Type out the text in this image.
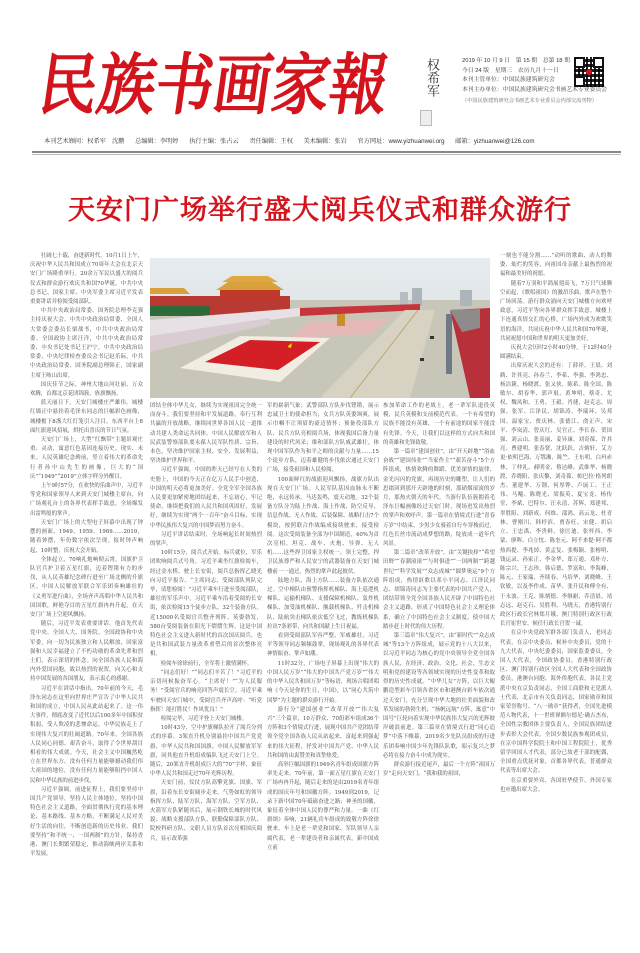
民
族
书
画
家
報	权希军	2019 年 10 月 9 日　第 15 期　总第 18 期
今日 24 版　星期三　农历九月十一日
本刊主管单位：中国民族建筑研究会
本刊主办单位：中国民族建筑研究会书画艺术专业委员会
（中国民族建筑研究会书画艺术专业委员会内部交流刊物）
本刊艺术顾问：权希军　沈鹏 总编辑：李明婷 执行主编：张占云 责任编辑：王权 美术编辑：张岩 官方网址：www.yizhuanwei.org 邮箱：yizhuanwei@126.com
天安门广场举行盛大阅兵仪式和群众游行

壮阔七十载，奋进新时代。10月1日上午，庆祝中华人民共和国成立70周年大会在北京天安门广场隆重举行。20余万军民以盛大的阅兵仪式和群众游行欢庆共和国70华诞。中共中央总书记、国家主席、中央军委主席习近平发表重要讲话并检阅受阅部队。

中共中央政治局常委、国务院总理李克强主持庆祝大会。中共中央政治局常委、全国人大常委会委员长栗战书，中共中央政治局常委、全国政协主席汪洋，中共中央政治局常委、中央书记处书记王沪宁，中共中央政治局常委、中央纪律检查委员会书记赵乐际，中共中央政治局常委、国务院副总理韩正，国家副主席王岐山出席。

国庆佳节之际，神州大地山河壮丽、万众欢腾，首都北京花团锦簇、旌旗飘扬。

蓝天丽日下，天安门城楼庄严雄伟。城楼红墙正中悬挂着毛泽东同志的巨幅彩色画像，城楼檐下8盏大红灯笼引人注目，东西平台上8面红旗迎风招展，烘托出喜庆的节日气氛。

天安门广场上，大型“红飘带”主题景观庄重、灵动，寓意红色基因连接历史、现实、未来。人民英雄纪念碑前，竖立着伟大的革命先行者孙中山先生的画像，巨大的“国庆”“1949”“2019”立体字样分外醒目。

上午9时57分，在欢快的乐曲声中，习近平等党和国家领导人来到天安门城楼主席台，向广场观礼台上的各界代表挥手致意，全场爆发出雷鸣般的掌声。

天安门广场上的大型电子屏幕中出现了钟摆的画面，1949、1959、1969……2019，随着钟摆，年份数字依次呈现。报时钟声响起，10时整，庆祝大会开始。

全体起立，70响礼炮响彻云霄，国旗护卫队官兵护卫着五星红旗，迈着铿锵有力的步伐，从人民英雄纪念碑行进至广场北侧的升旗区。中国人民解放军联合军乐团奏响雄壮的《义勇军进行曲》，全场齐声高唱中华人民共和国国歌，鲜艳夺目的五星红旗冉冉升起，在天安门广场上空迎风飘扬。

随后，习近平发表重要讲话。他首先代表党中央、全国人大、国务院、全国政协和中央军委，向一切为民族独立和人民解放、国家富强和人民幸福建立了不朽功勋的革命先辈和烈士们，表示深切的怀念。向全国各族人民和海内外爱国同胞，致以热烈的祝贺。向关心和支持中国发展的各国朋友，表示衷心的感谢。

习近平在讲话中指出，70年前的今天，毛泽东同志在这里向世界庄严宣告了中华人民共和国的成立，中国人民从此站起来了。这一伟大事件，彻底改变了近代以后100多年中国积贫积弱、受人欺凌的悲惨命运，中华民族走上了实现伟大复兴的壮阔道路。70年来，全国各族人民同心同德、艰苦奋斗，取得了令世界刮目相看的伟大成就。今天，社会主义中国巍然屹立在世界东方，没有任何力量能够撼动我们伟大祖国的地位，没有任何力量能够阻挡中国人民和中华民族的前进步伐。

习近平强调，前进征程上，我们要坚持中国共产党领导，坚持人民主体地位，坚持中国特色社会主义道路，全面贯彻执行党的基本理论、基本路线、基本方略，不断满足人民对美好生活的向往，不断创造新的历史伟业。我们要坚持“和平统一、一国两制”的方针，保持香港、澳门长期繁荣稳定，推动海峡两岸关系和平发展。

团结全体中华儿女，继续为实现祖国完全统一而奋斗。我们要坚持和平发展道路，奉行互利共赢的开放战略，继续同世界各国人民一道推动共建人类命运共同体。中国人民解放军和人民武装警察部队要永葆人民军队性质、宗旨、本色，坚决维护国家主权、安全、发展利益，坚决维护世界和平。

习近平强调，中国的昨天已经写在人类的史册上，中国的今天正在亿万人民手中创造，中国的明天必将更加美好。全党全军全国各族人民要更加紧密地团结起来，不忘初心，牢记使命，继续把我们的人民共和国巩固好、发展好，继续为实现“两个一百年”奋斗目标、实现中华民族伟大复兴的中国梦而努力奋斗。

习近平讲话结束时，全场响起长时间热烈的掌声。

10时15分，阅兵式开始。标兵就位，军乐团吹响阅兵式号角。习近平乘坐红旗检阅车，经过金水桥、驶上长安街，阅兵总指挥乙晓光向习近平报告。“主席同志，受阅部队列队完毕，请您检阅！”习近平乘车行进至受阅部队，雄壮的军乐声中，习近平乘车沿着受阅的长安街，依次检阅15个徒步方队、32个装备方队。近15000名受阅官兵整齐列阵、英姿勃发，580台受阅装备在阳光下熠熠生辉。这是中国特色社会主义进入新时代的首次国庆阅兵，也是共和国武装力量改革重塑后的首次整体亮相。

检阅车徐徐前行，全军将士激情满怀。

“同志们好！”“同志们辛苦了！”习近平的亲切问候振奋军心。“主席好！”“为人民服务！”受阅官兵的响亮回答声震长空。习近平乘车驶回天安门城中，受阅官兵齐声高呼：“听党指挥！能打胜仗！作风优良！”

检阅完毕，习近平登上天安门城楼。

10时43分，空中护旗梯队拉开了阅兵分列式的序幕。3架直升机分别悬挂中国共产党党旗、中华人民共和国国旗、中国人民解放军军旗，同其他直升机组成编队飞过天安门上空。随后，20架直升机组成巨大的“70”字样，象征中华人民共和国走过70年光辉历程。

天安门前，仪仗方队高擎党旗、国旗、军旗，沿着东长安街阔步走来。气势如虹的领导指挥方队、陆军方队、海军方队、空军方队、火箭军方队紧随其后，展示钢铁长城的时代风貌；战略支援部队方队、联勤保障部队方队、院校科研方队、文职人员方队首次亮相国庆阅兵，显示改革强

军的崭新气象；武警部队方队步伐铿锵，展示忠诚卫士的使命担当；女兵方队英姿飒爽，展示巾帼不让须眉的豪迈情怀；预备役部队方队、民兵方队亮相阅兵场，体现我国后备力量建设的时代风采；维和部队方队威武雄壮，体现中国军队作为和平之师的贡献与力量……15个徒步方队，迈着雄健的步伐依次通过天安门广场，接受祖国和人民检阅。

100面鲜红的战旗迎风飘扬，战旗方队出现在天安门广场。人民军队基因血脉永不断绝，永远传承。马达轰鸣，震天动地。32个装备方队分为陆上作战、海上作战、防空反导、信息作战、无人作战、后装保障、战略打击7个模块，按照联合作战编成接续驶来，接受检阅。这次受阅装备全部为中国制造，40%为首次亮相。坦克、战车、火炮、导弹、无人机……这些捍卫国家主权统一、领土完整，捍卫民族尊严和人民安宁的武器装备在天安门城楼前一一通过，热烈的掌声此起彼伏。

陆地方队、海上方队……装备方队依次通过。空中梯队由预警指挥机梯队、海上巡逻机梯队、运输机梯队、支援保障机梯队、轰炸机梯队、加受油机梯队、舰载机梯队、歼击机梯队、陆航突击梯队依次低空飞过，教练机梯队拉出7条彩带，向共和国献上生日祝福。

看到受阅部队军容严整、军威雄壮，习近平等领导同志频频鼓掌，现场观礼的各界代表神情振奋、掌声如潮。

11时32分，广场电子屏幕上出现“伟大的中国人民万岁”“伟大的中国共产党万岁”“伟大的中华人民共和国万岁”等标语，现场合唱团唱响《今天是你的生日，中国》，以“同心共筑中国梦”为主题的群众游行开始。

游行分“建国创业”“改革开放”“伟大复兴”三个篇章，10万群众、70组彩车组成36个方阵和3个情境式行进，展现中国共产党团结带领全党全国各族人民从站起来、富起来到强起来的伟大征程，抒发对中国共产党、中华人民共和国的由衷赞美和真挚热爱。

高举巨幅国旗的1949名青年组成国旗方阵率先走来。70年前，第一面五星红旗在天安门广场冉冉升起，随后走来的是由2019名青年组成的国庆年号和国徽方阵。1949到2019，记录下新中国70年砥砺奋进之路；神圣的国徽，象征着全体中国人民的尊严和力量。一曲《红旗颂》奏响，21辆礼宾车组成的致敬方阵徐徐驶来。车上是老一辈党和国家、军队领导人亲属代表，老一辈建设者和亲属代表，新中国成立前

参加革命工作的老战士，老一辈军队退役英模，民兵英模和支前模范代表。一个有希望的民族不能没有英雄，一个有前途的国家不能没有先锋。今天，让我们以这样的方式向共和国的英雄和先锋致敬。

第一篇章“建国创业”，由“开天辟地”“浴血奋战”“建国伟业”“当家作主”“艰苦奋斗”5个方阵组成，热情欢腾的舞蹈、优美深情的旋律、金光闪闪的党旗，再现历史的雕塑，让人们的思绪回到那开天辟地的时刻，那硝烟滚滚的岁月，那热火朝天的年代。当游行队伍簇拥着毛泽东巨幅画像经过天安门时，现场迸发出热烈的掌声和欢呼声。第一篇章在情境式行进“青春万岁”中结束，少男少女骑着自行车穿梭而过，红色长丝巾流动成梦想的路，绽放成一道年代风景。

第二篇章“改革开放”，由“关键抉择”“希望田野”“春潮滚滚”“与时俱进”“一国两制”“跨越世纪”“科学发展”“众志成城”“圆梦奥运”9个方阵组成，热情讴歌以邓小平同志、江泽民同志、胡锦涛同志为主要代表的中国共产党人，团结带领全党全国各族人民开辟了中国特色社会主义道路，形成了中国特色社会主义理论体系，确立了中国特色社会主义制度，使中国大踏步赶上时代的伟大历程。

第三篇章“伟大复兴”，由“新时代”“众志成城”等13个方阵组成，展示党的十八大以来，以习近平同志为核心的党中央领导全党全国各族人民，在经济、政治、文化、社会、生态文明和党的建设等各领域实现的历史性变革和取得的历史性成就。“中华儿女”方阵，以巨大鲲鹏造型彩车引领各省区市和港澳台彩车依次通过天安门，充分呈现中华大地的壮美面貌和改革发展的勃勃生机；“扬帆远航”方阵，寓意“中国号”巨轮向着实现中华民族伟大复兴的光辉彼岸破浪前进。第三篇章在情境式行进“同心追梦”中落下帷幕，2019名少先队员组成的行进乐团奏响中国少年先锋队队歌，昭示复兴之梦必将在接力奋斗中成为现实。

群众游行接近尾声，最后一个方阵“祖国万岁”走向天安门。“我和我的祖国，

一刻也不能分割……”动听的歌曲、动人的舞姿、灿烂的笑容，向祖国母亲献上最热烈的祝福和最美好的祝愿。

随着7万羽和平鸽展翅高飞，7万只气球腾空而起，《歌唱祖国》的激昂乐曲、歌声在整个广场回荡。游行群众涌向天安门城楼方向欢呼致意，习近平等向各界群众挥手致意。城楼上下连通真情交汇的心桥，广场内外成为欢歌笑语的海洋，共同庆祝中华人民共和国70华诞，共同祝愿中国和世界的明天更加美好。

庆祝大会历时2小时40分钟，于12时40分圆满结束。

出席庆祝大会的还有：丁薛祥、王晨、刘鹤、许其亮、孙春兰、李希、李强、李鸿忠、杨洁篪、杨晓渡、张又侠、陈希、陈全国、陈敏尔、胡春华、郭声琨、黄坤明、蔡奇、尤权、魏凤和、王勇、王毅、肖捷、赵克志、周强、张军、江泽民、胡锦涛、李瑞环、吴邦国、温家宝、贾庆林、张德江、俞正声、宋平、李岚清、曾庆红、吴官正、李长春、贺国强、刘云山、张高丽、姜异康、刘奇葆、许其亮、曹建明、张春贤、沈跃跃、吉炳轩、艾力更·依明巴海、万鄂湘、陈竺、王东明、白玛赤林、丁仲礼、郝明金、蔡达峰、武维华、杨晓渡、乔晓阳、张庆黎、刘奇葆、帕巴拉·格列朗杰、董建华、万钢、何厚铧、卢展工、王正伟、马飚、陈晓光、梁振英、夏宝龙、杨传堂、李斌、巴特尔、汪永清、苏辉、郑建邦、辜胜阻、刘新成、何维、邵鸿、高云龙、杜青林、曹刚川、韩杼滨、贾春旺、宋健、胡启立、王忠禹、李贵鲜、徐匡迪、张怀西、李蒙、廖晖、白立忱、陈奎元、阿不来提·阿不都热西提、李兆焯、黄孟复、张梅颖、张榕明、钱运录、孙家正、李金华、郑万通、邓朴方、陈宗兴、王志珍、韩启德、罗富和、李海峰、陈元、王家瑞、齐续春、马培华、刘晓峰、王钦敏，以及李作成、苗华、张升民和傅全有、于永波、王克、陈炳德、李继耐、乔清晨、靖志远、赵克石、吴胜利、马晓天，香港特别行政区行政长官林郑月娥、澳门特别行政区行政长官崔世安、候任行政长官贺一诚。

在京中央党政军群各部门负责人，老同志代表，在京中央委员、候补中央委员，党的十九大代表，中央纪委委员，国家监委委员，全国人大代表，全国政协委员，香港特别行政区、澳门特别行政区全国人大代表和全国政协委员，港澳台同胞、海外侨胞代表，各民主党派中央在京负责同志，全国工商联和无党派人士代表，北京市有关负责同志，国家勋章和国家荣誉称号、“八一勋章”获得者，全国先进模范人物代表，十一世班禅额尔德尼·确吉杰布，全国性宗教团体主要负责人，全国民族团结进步表彰大会代表，全国少数民族参观团成员，在京中国科学院院士和中国工程院院士，优秀留学回国人才代表，部分已故老干部的配偶，全国重点优抚对象，首都各界代表，普通群众代表等出席大会。

在京重要外宾、各国驻华使节、外国专家也应邀出席大会。
